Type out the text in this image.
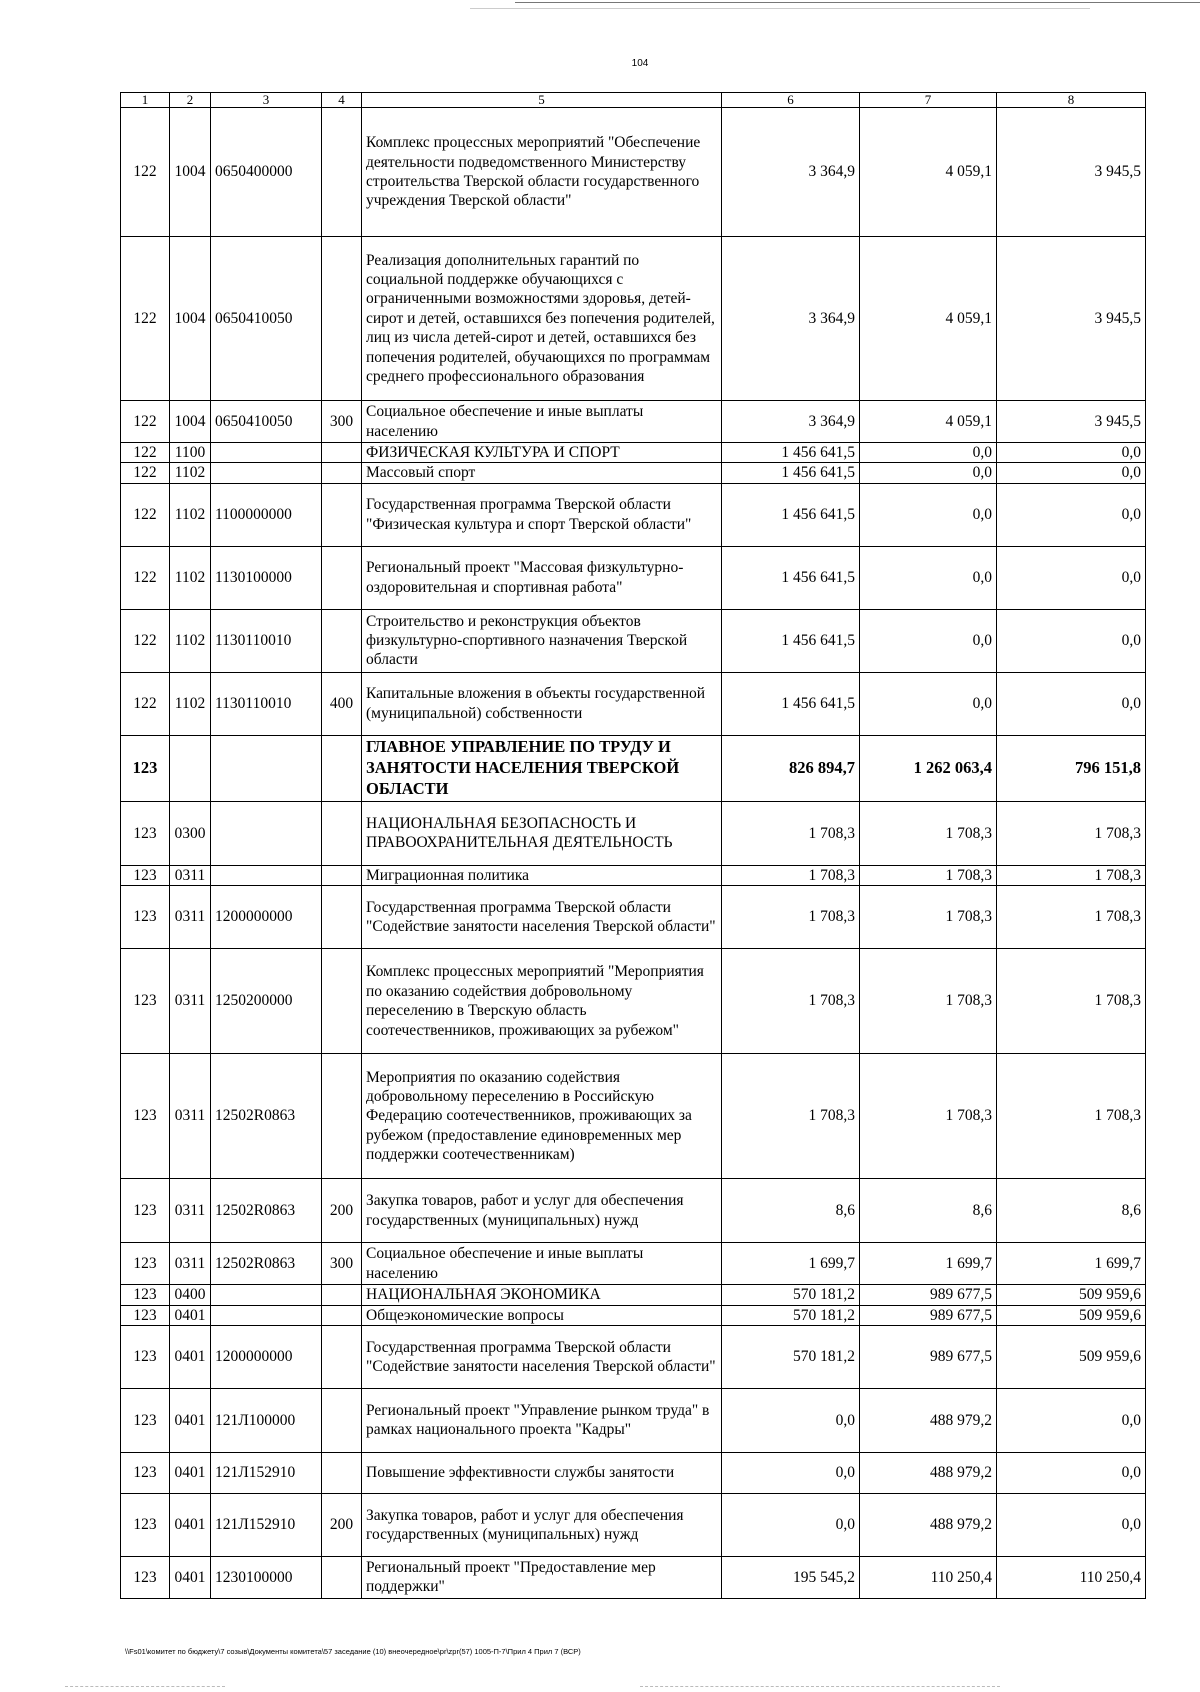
104
1	2	3	4	5	6	7	8
122	1004	0650400000		Комплекс процессных мероприятий "Обеспечение деятельности подведомственного Министерству строительства Тверской области государственного учреждения Тверской области"	3 364,9	4 059,1	3 945,5
122	1004	0650410050		Реализация дополнительных гарантий по социальной поддержке обучающихся с ограниченными возможностями здоровья, детей-сирот и детей, оставшихся без попечения родителей, лиц из числа детей-сирот и детей, оставшихся без попечения родителей, обучающихся по программам среднего профессионального образования	3 364,9	4 059,1	3 945,5
122	1004	0650410050	300	Социальное обеспечение и иные выплаты населению	3 364,9	4 059,1	3 945,5
122	1100			ФИЗИЧЕСКАЯ КУЛЬТУРА И СПОРТ	1 456 641,5	0,0	0,0
122	1102			Массовый спорт	1 456 641,5	0,0	0,0
122	1102	1100000000		Государственная программа Тверской области "Физическая культура и спорт Тверской области"	1 456 641,5	0,0	0,0
122	1102	1130100000		Региональный проект "Массовая физкультурно-оздоровительная и спортивная работа"	1 456 641,5	0,0	0,0
122	1102	1130110010		Строительство и реконструкция объектов физкультурно-спортивного назначения Тверской области	1 456 641,5	0,0	0,0
122	1102	1130110010	400	Капитальные вложения в объекты государственной (муниципальной) собственности	1 456 641,5	0,0	0,0
123				ГЛАВНОЕ УПРАВЛЕНИЕ ПО ТРУДУ И ЗАНЯТОСТИ НАСЕЛЕНИЯ ТВЕРСКОЙ ОБЛАСТИ	826 894,7	1 262 063,4	796 151,8
123	0300			НАЦИОНАЛЬНАЯ БЕЗОПАСНОСТЬ И ПРАВООХРАНИТЕЛЬНАЯ ДЕЯТЕЛЬНОСТЬ	1 708,3	1 708,3	1 708,3
123	0311			Миграционная политика	1 708,3	1 708,3	1 708,3
123	0311	1200000000		Государственная программа Тверской области "Содействие занятости населения Тверской области"	1 708,3	1 708,3	1 708,3
123	0311	1250200000		Комплекс процессных мероприятий "Мероприятия по оказанию содействия добровольному переселению в Тверскую область соотечественников, проживающих за рубежом"	1 708,3	1 708,3	1 708,3
123	0311	12502R0863		Мероприятия по оказанию содействия добровольному переселению в Российскую Федерацию соотечественников, проживающих за рубежом (предоставление единовременных мер поддержки соотечественникам)	1 708,3	1 708,3	1 708,3
123	0311	12502R0863	200	Закупка товаров, работ и услуг для обеспечения государственных (муниципальных) нужд	8,6	8,6	8,6
123	0311	12502R0863	300	Социальное обеспечение и иные выплаты населению	1 699,7	1 699,7	1 699,7
123	0400			НАЦИОНАЛЬНАЯ ЭКОНОМИКА	570 181,2	989 677,5	509 959,6
123	0401			Общеэкономические вопросы	570 181,2	989 677,5	509 959,6
123	0401	1200000000		Государственная программа Тверской области "Содействие занятости населения Тверской области"	570 181,2	989 677,5	509 959,6
123	0401	121Л100000		Региональный проект "Управление рынком труда" в рамках национального проекта "Кадры"	0,0	488 979,2	0,0
123	0401	121Л152910		Повышение эффективности службы занятости	0,0	488 979,2	0,0
123	0401	121Л152910	200	Закупка товаров, работ и услуг для обеспечения государственных (муниципальных) нужд	0,0	488 979,2	0,0
123	0401	1230100000		Региональный проект "Предоставление мер поддержки"	195 545,2	110 250,4	110 250,4
\\Fs01\комитет по бюджету\7 созыв\Документы комитета\57 заседание (10) внеочередное\pr\zpr(57) 1005-П-7\Прил 4 Прил 7 (ВСР)
